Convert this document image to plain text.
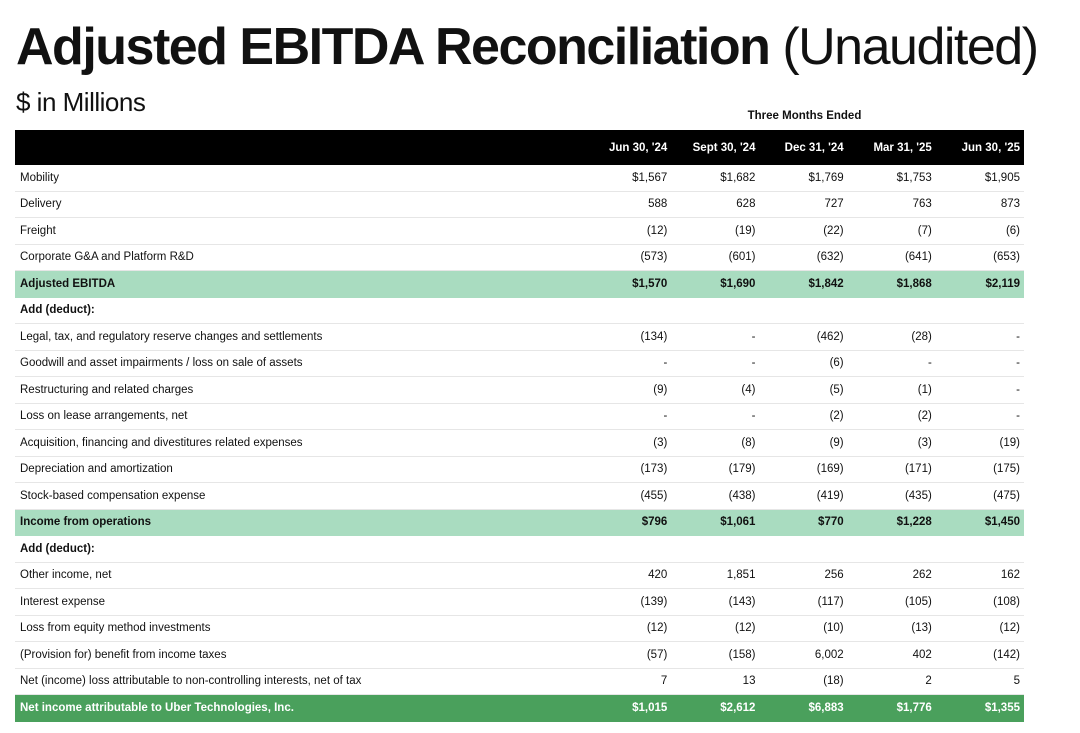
Adjusted EBITDA Reconciliation (Unaudited)
$ in Millions	Three Months Ended
	Jun 30, '24	Sept 30, '24	Dec 31, '24	Mar 31, '25	Jun 30, '25
Mobility	$1,567	$1,682	$1,769	$1,753	$1,905
Delivery	588	628	727	763	873
Freight	(12)	(19)	(22)	(7)	(6)
Corporate G&A and Platform R&D	(573)	(601)	(632)	(641)	(653)
Adjusted EBITDA	$1,570	$1,690	$1,842	$1,868	$2,119
Add (deduct):					
Legal, tax, and regulatory reserve changes and settlements	(134)	-	(462)	(28)	-
Goodwill and asset impairments / loss on sale of assets	-	-	(6)	-	-
Restructuring and related charges	(9)	(4)	(5)	(1)	-
Loss on lease arrangements, net	-	-	(2)	(2)	-
Acquisition, financing and divestitures related expenses	(3)	(8)	(9)	(3)	(19)
Depreciation and amortization	(173)	(179)	(169)	(171)	(175)
Stock-based compensation expense	(455)	(438)	(419)	(435)	(475)
Income from operations	$796	$1,061	$770	$1,228	$1,450
Add (deduct):					
Other income, net	420	1,851	256	262	162
Interest expense	(139)	(143)	(117)	(105)	(108)
Loss from equity method investments	(12)	(12)	(10)	(13)	(12)
(Provision for) benefit from income taxes	(57)	(158)	6,002	402	(142)
Net (income) loss attributable to non-controlling interests, net of tax	7	13	(18)	2	5
Net income attributable to Uber Technologies, Inc.	$1,015	$2,612	$6,883	$1,776	$1,355
